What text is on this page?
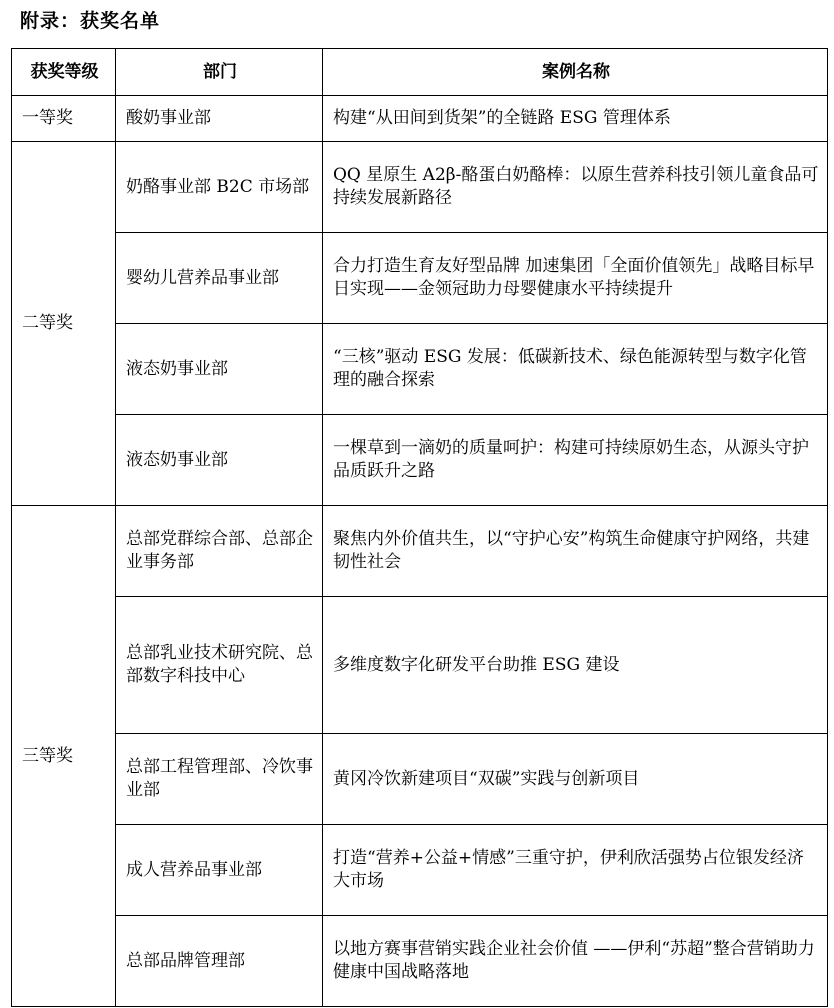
附录：获奖名单
获奖等级	部门	案例名称
一等奖	酸奶事业部	构建“从田间到货架”的全链路 ESG 管理体系
二等奖	奶酪事业部 B2C 市场部	QQ 星原生 A2β-酪蛋白奶酪棒：以原生营养科技引领儿童食品可持续发展新路径
	婴幼儿营养品事业部	合力打造生育友好型品牌 加速集团「全面价值领先」战略目标早日实现——金领冠助力母婴健康水平持续提升
	液态奶事业部	“三核”驱动 ESG 发展：低碳新技术、绿色能源转型与数字化管理的融合探索
	液态奶事业部	一棵草到一滴奶的质量呵护：构建可持续原奶生态，从源头守护品质跃升之路
三等奖	总部党群综合部、总部企业事务部	聚焦内外价值共生，以“守护心安”构筑生命健康守护网络，共建韧性社会
	总部乳业技术研究院、总部数字科技中心	多维度数字化研发平台助推 ESG 建设
	总部工程管理部、冷饮事业部	黄冈冷饮新建项目“双碳”实践与创新项目
	成人营养品事业部	打造“营养+公益+情感”三重守护，伊利欣活强势占位银发经济大市场
	总部品牌管理部	以地方赛事营销实践企业社会价值 ——伊利“苏超”整合营销助力健康中国战略落地
